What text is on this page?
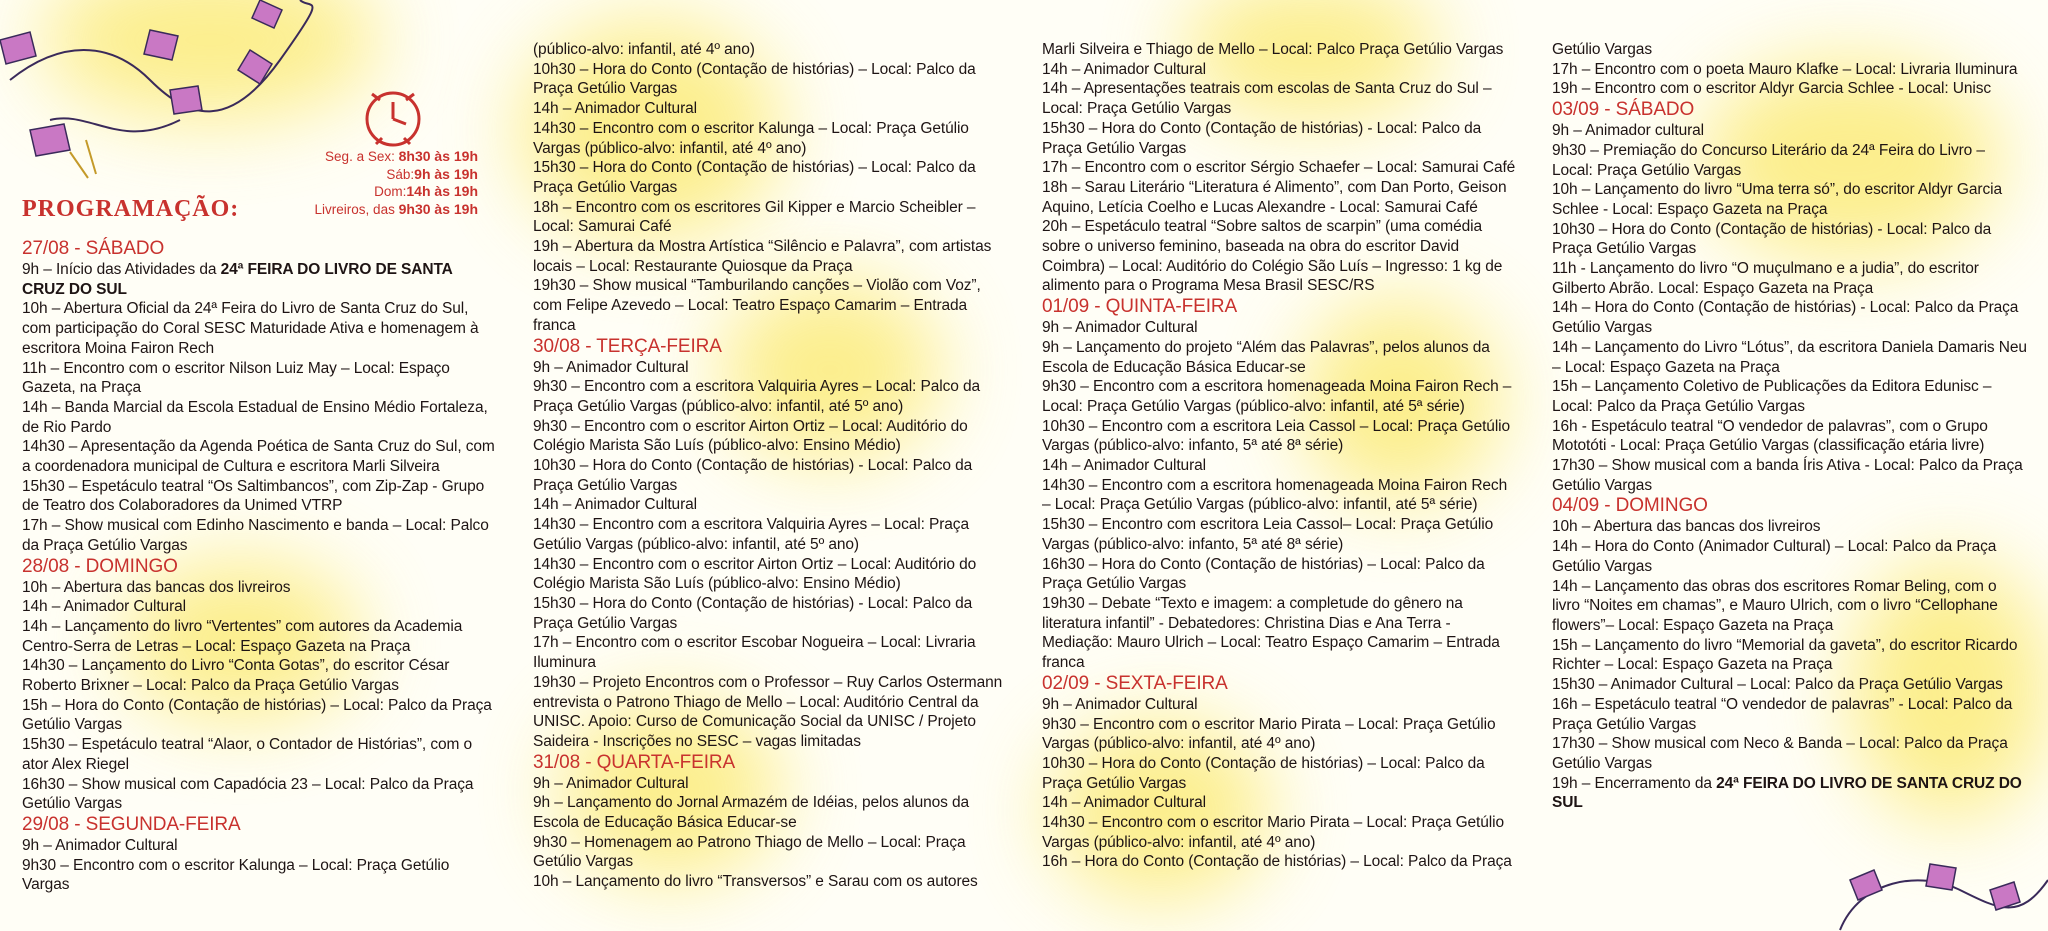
Seg. a Sex: 8h30 às 19h
Sáb:9h às 19h
Dom:14h às 19h
Livreiros, das 9h30 às 19h
PROGRAMAÇÃO:

27/08 - SÁBADO

9h – Início das Atividades da 24ª FEIRA DO LIVRO DE SANTA CRUZ DO SUL

10h – Abertura Oficial da 24ª Feira do Livro de Santa Cruz do Sul, com participação do Coral SESC Maturidade Ativa e homenagem à escritora Moina Fairon Rech

11h – Encontro com o escritor Nilson Luiz May – Local: Espaço Gazeta, na Praça

14h – Banda Marcial da Escola Estadual de Ensino Médio Fortaleza, de Rio Pardo

14h30 – Apresentação da Agenda Poética de Santa Cruz do Sul, com a coordenadora municipal de Cultura e escritora Marli Silveira

15h30 – Espetáculo teatral “Os Saltimbancos”, com Zip-Zap - Grupo de Teatro dos Colaboradores da Unimed VTRP

17h – Show musical com Edinho Nascimento e banda – Local: Palco da Praça Getúlio Vargas

28/08 - DOMINGO

10h – Abertura das bancas dos livreiros

14h – Animador Cultural

14h – Lançamento do livro “Vertentes” com autores da Academia Centro-Serra de Letras – Local: Espaço Gazeta na Praça

14h30 – Lançamento do Livro “Conta Gotas”, do escritor César Roberto Brixner – Local: Palco da Praça Getúlio Vargas

15h – Hora do Conto (Contação de histórias) – Local: Palco da Praça Getúlio Vargas

15h30 – Espetáculo teatral “Alaor, o Contador de Histórias”, com o ator Alex Riegel

16h30 – Show musical com Capadócia 23 – Local: Palco da Praça Getúlio Vargas

29/08 - SEGUNDA-FEIRA

9h – Animador Cultural

9h30 – Encontro com o escritor Kalunga – Local: Praça Getúlio Vargas

(público-alvo: infantil, até 4º ano)

10h30 – Hora do Conto (Contação de histórias) – Local: Palco da Praça Getúlio Vargas

14h – Animador Cultural

14h30 – Encontro com o escritor Kalunga – Local: Praça Getúlio Vargas (público-alvo: infantil, até 4º ano)

15h30 – Hora do Conto (Contação de histórias) – Local: Palco da Praça Getúlio Vargas

18h – Encontro com os escritores Gil Kipper e Marcio Scheibler – Local: Samurai Café

19h – Abertura da Mostra Artística “Silêncio e Palavra”, com artistas locais – Local: Restaurante Quiosque da Praça

19h30 – Show musical “Tamburilando canções – Violão com Voz”, com Felipe Azevedo – Local: Teatro Espaço Camarim – Entrada franca

30/08 - TERÇA-FEIRA

9h – Animador Cultural

9h30 – Encontro com a escritora Valquiria Ayres – Local: Palco da Praça Getúlio Vargas (público-alvo: infantil, até 5º ano)

9h30 – Encontro com o escritor Airton Ortiz – Local: Auditório do Colégio Marista São Luís (público-alvo: Ensino Médio)

10h30 – Hora do Conto (Contação de histórias) - Local: Palco da Praça Getúlio Vargas

14h – Animador Cultural

14h30 – Encontro com a escritora Valquiria Ayres – Local: Praça Getúlio Vargas (público-alvo: infantil, até 5º ano)

14h30 – Encontro com o escritor Airton Ortiz – Local: Auditório do Colégio Marista São Luís (público-alvo: Ensino Médio)

15h30 – Hora do Conto (Contação de histórias) - Local: Palco da Praça Getúlio Vargas

17h – Encontro com o escritor Escobar Nogueira – Local: Livraria Iluminura

19h30 – Projeto Encontros com o Professor – Ruy Carlos Ostermann entrevista o Patrono Thiago de Mello – Local: Auditório Central da UNISC. Apoio: Curso de Comunicação Social da UNISC / Projeto Saideira - Inscrições no SESC – vagas limitadas

31/08 - QUARTA-FEIRA

9h – Animador Cultural

9h – Lançamento do Jornal Armazém de Idéias, pelos alunos da Escola de Educação Básica Educar-se

9h30 – Homenagem ao Patrono Thiago de Mello – Local: Praça Getúlio Vargas

10h – Lançamento do livro “Transversos” e Sarau com os autores

Marli Silveira e Thiago de Mello – Local: Palco Praça Getúlio Vargas

14h – Animador Cultural

14h – Apresentações teatrais com escolas de Santa Cruz do Sul – Local: Praça Getúlio Vargas

15h30 – Hora do Conto (Contação de histórias) - Local: Palco da Praça Getúlio Vargas

17h – Encontro com o escritor Sérgio Schaefer – Local: Samurai Café

18h – Sarau Literário “Literatura é Alimento”, com Dan Porto, Geison Aquino, Letícia Coelho e Lucas Alexandre - Local: Samurai Café

20h – Espetáculo teatral “Sobre saltos de scarpin” (uma comédia sobre o universo feminino, baseada na obra do escritor David Coimbra) – Local: Auditório do Colégio São Luís – Ingresso: 1 kg de alimento para o Programa Mesa Brasil SESC/RS

01/09 - QUINTA-FEIRA

9h – Animador Cultural

9h – Lançamento do projeto “Além das Palavras”, pelos alunos da Escola de Educação Básica Educar-se

9h30 – Encontro com a escritora homenageada Moina Fairon Rech – Local: Praça Getúlio Vargas (público-alvo: infantil, até 5ª série)

10h30 – Encontro com a escritora Leia Cassol – Local: Praça Getúlio Vargas (público-alvo: infanto, 5ª até 8ª série)

14h – Animador Cultural

14h30 – Encontro com a escritora homenageada Moina Fairon Rech – Local: Praça Getúlio Vargas (público-alvo: infantil, até 5ª série)

15h30 – Encontro com escritora Leia Cassol– Local: Praça Getúlio Vargas (público-alvo: infanto, 5ª até 8ª série)

16h30 – Hora do Conto (Contação de histórias) – Local: Palco da Praça Getúlio Vargas

19h30 – Debate “Texto e imagem: a completude do gênero na literatura infantil” - Debatedores: Christina Dias e Ana Terra - Mediação: Mauro Ulrich – Local: Teatro Espaço Camarim – Entrada franca

02/09 - SEXTA-FEIRA

9h – Animador Cultural

9h30 – Encontro com o escritor Mario Pirata – Local: Praça Getúlio Vargas (público-alvo: infantil, até 4º ano)

10h30 – Hora do Conto (Contação de histórias) – Local: Palco da Praça Getúlio Vargas

14h – Animador Cultural

14h30 – Encontro com o escritor Mario Pirata – Local: Praça Getúlio Vargas (público-alvo: infantil, até 4º ano)

16h – Hora do Conto (Contação de histórias) – Local: Palco da Praça

Getúlio Vargas

17h – Encontro com o poeta Mauro Klafke – Local: Livraria Iluminura

19h – Encontro com o escritor Aldyr Garcia Schlee - Local: Unisc

03/09 - SÁBADO

9h – Animador cultural

9h30 – Premiação do Concurso Literário da 24ª Feira do Livro – Local: Praça Getúlio Vargas

10h – Lançamento do livro “Uma terra só”, do escritor Aldyr Garcia Schlee - Local: Espaço Gazeta na Praça

10h30 – Hora do Conto (Contação de histórias) - Local: Palco da Praça Getúlio Vargas

11h - Lançamento do livro “O muçulmano e a judia”, do escritor Gilberto Abrão. Local: Espaço Gazeta na Praça

14h – Hora do Conto (Contação de histórias) - Local: Palco da Praça Getúlio Vargas

14h – Lançamento do Livro “Lótus”, da escritora Daniela Damaris Neu – Local: Espaço Gazeta na Praça

15h – Lançamento Coletivo de Publicações da Editora Edunisc – Local: Palco da Praça Getúlio Vargas

16h - Espetáculo teatral “O vendedor de palavras”, com o Grupo Mototóti - Local: Praça Getúlio Vargas (classificação etária livre)

17h30 – Show musical com a banda Íris Ativa - Local: Palco da Praça Getúlio Vargas

04/09 - DOMINGO

10h – Abertura das bancas dos livreiros

14h – Hora do Conto (Animador Cultural) – Local: Palco da Praça Getúlio Vargas

14h – Lançamento das obras dos escritores Romar Beling, com o livro “Noites em chamas”, e Mauro Ulrich, com o livro “Cellophane flowers”– Local: Espaço Gazeta na Praça

15h – Lançamento do livro “Memorial da gaveta”, do escritor Ricardo Richter – Local: Espaço Gazeta na Praça

15h30 – Animador Cultural – Local: Palco da Praça Getúlio Vargas

16h – Espetáculo teatral “O vendedor de palavras” - Local: Palco da Praça Getúlio Vargas

17h30 – Show musical com Neco & Banda – Local: Palco da Praça Getúlio Vargas

19h – Encerramento da 24ª FEIRA DO LIVRO DE SANTA CRUZ DO SUL
